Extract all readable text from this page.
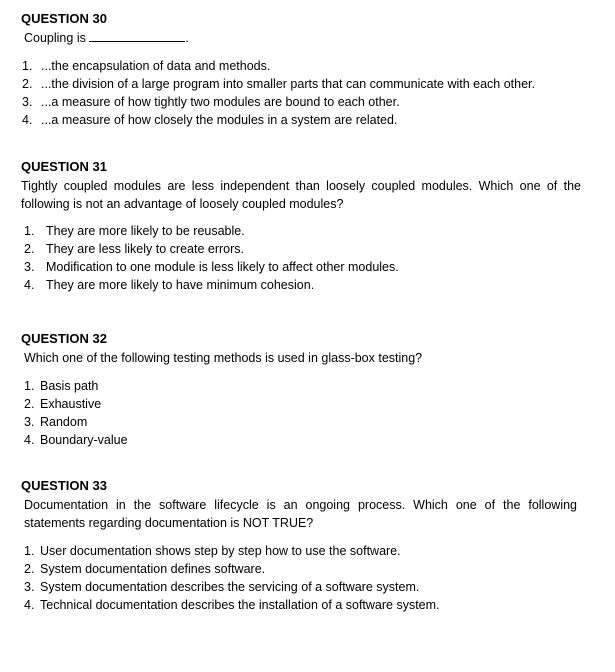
QUESTION 30
Coupling is	.
1. ...the encapsulation of data and methods.
2. ...the division of a large program into smaller parts that can communicate with each other.
3. ...a measure of how tightly two modules are bound to each other.
4. ...a measure of how closely the modules in a system are related.
QUESTION 31
Tightly coupled modules are less independent than loosely coupled modules. Which one of the following is not an advantage of loosely coupled modules?
1. They are more likely to be reusable.
2. They are less likely to create errors.
3. Modification to one module is less likely to affect other modules.
4. They are more likely to have minimum cohesion.
QUESTION 32
Which one of the following testing methods is used in glass-box testing?
1. Basis path
2. Exhaustive
3. Random
4. Boundary-value
QUESTION 33
Documentation in the software lifecycle is an ongoing process. Which one of the following statements regarding documentation is NOT TRUE?
1. User documentation shows step by step how to use the software.
2. System documentation defines software.
3. System documentation describes the servicing of a software system.
4. Technical documentation describes the installation of a software system.
